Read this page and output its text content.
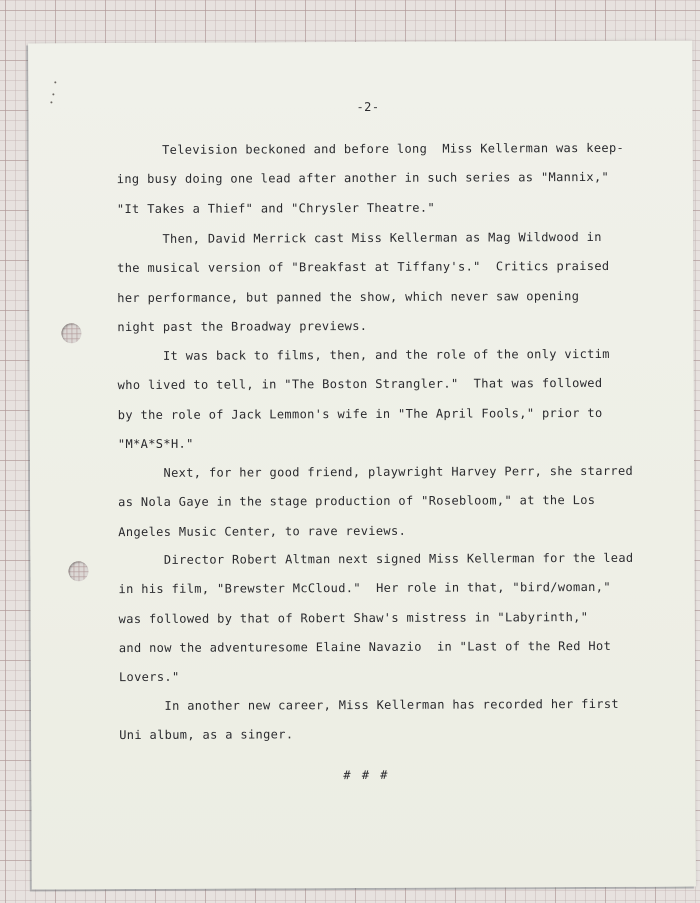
-2-

Television beckoned and before long  Miss Kellerman was keep-
ing busy doing one lead after another in such series as "Mannix,"
"It Takes a Thief" and "Chrysler Theatre."

Then, David Merrick cast Miss Kellerman as Mag Wildwood in
the musical version of "Breakfast at Tiffany's."  Critics praised
her performance, but panned the show, which never saw opening
night past the Broadway previews.

It was back to films, then, and the role of the only victim
who lived to tell, in "The Boston Strangler."  That was followed
by the role of Jack Lemmon's wife in "The April Fools," prior to
"M*A*S*H."

Next, for her good friend, playwright Harvey Perr, she starred
as Nola Gaye in the stage production of "Rosebloom," at the Los
Angeles Music Center, to rave reviews.

Director Robert Altman next signed Miss Kellerman for the lead
in his film, "Brewster McCloud."  Her role in that, "bird/woman,"
was followed by that of Robert Shaw's mistress in "Labyrinth,"
and now the adventuresome Elaine Navazio  in "Last of the Red Hot
Lovers."

In another new career, Miss Kellerman has recorded her first
Uni album, as a singer.

# # #
